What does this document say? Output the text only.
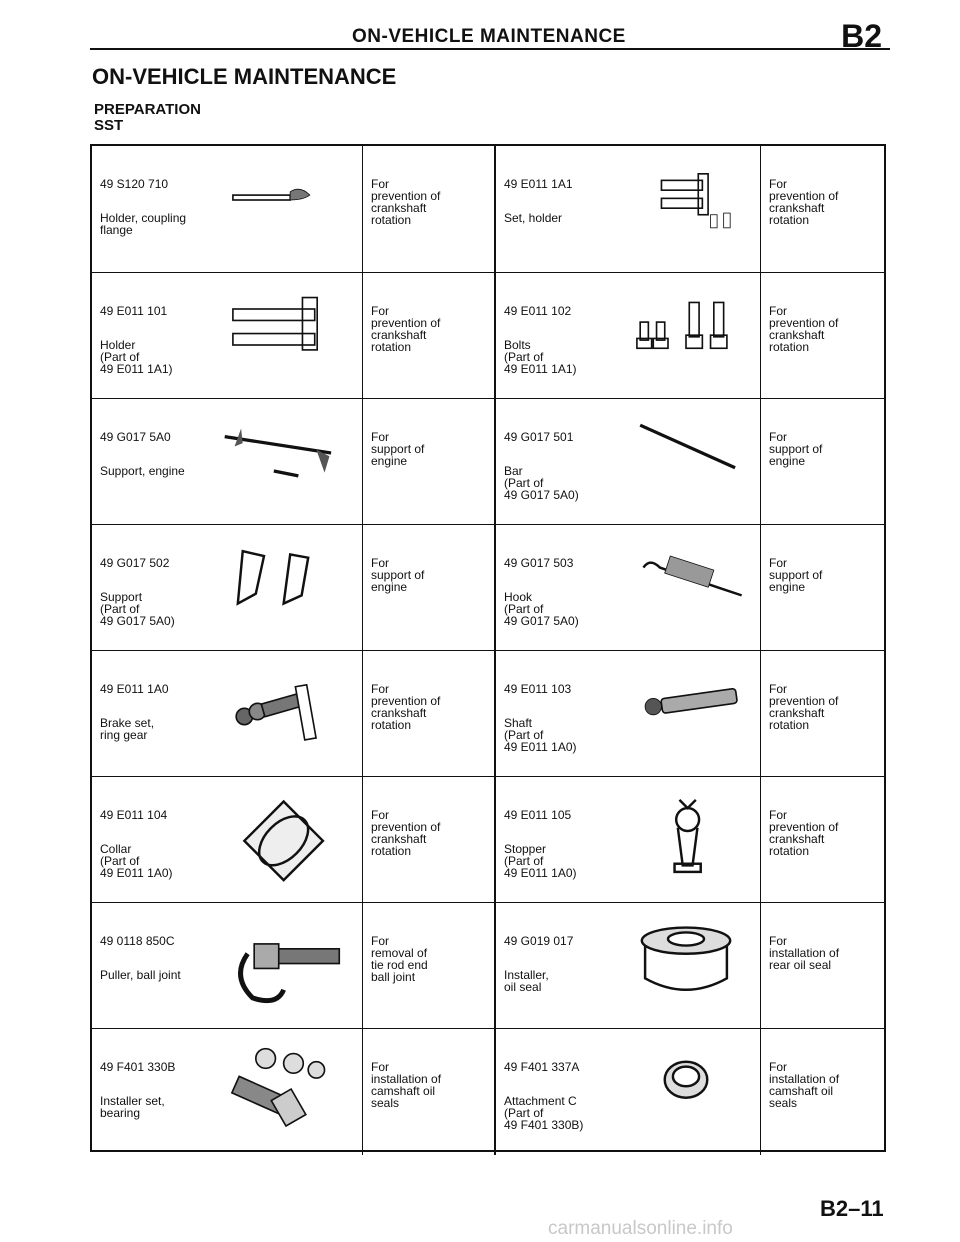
ON-VEHICLE MAINTENANCE	B2
ON-VEHICLE MAINTENANCE
PREPARATION
SST
49 S120 710
Holder, coupling
flange
For
prevention of
crankshaft
rotation
49 E011 1A1
Set, holder
For
prevention of
crankshaft
rotation
49 E011 101
Holder
(Part of
49 E011 1A1)
For
prevention of
crankshaft
rotation
49 E011 102
Bolts
(Part of
49 E011 1A1)
For
prevention of
crankshaft
rotation
49 G017 5A0
Support, engine
For
support of
engine
49 G017 501
Bar
(Part of
49 G017 5A0)
For
support of
engine
49 G017 502
Support
(Part of
49 G017 5A0)
For
support of
engine
49 G017 503
Hook
(Part of
49 G017 5A0)
For
support of
engine
49 E011 1A0
Brake set,
ring gear
For
prevention of
crankshaft
rotation
49 E011 103
Shaft
(Part of
49 E011 1A0)
For
prevention of
crankshaft
rotation
49 E011 104
Collar
(Part of
49 E011 1A0)
For
prevention of
crankshaft
rotation
49 E011 105
Stopper
(Part of
49 E011 1A0)
For
prevention of
crankshaft
rotation
49 0118 850C
Puller, ball joint
For
removal of
tie rod end
ball joint
49 G019 017
Installer,
oil seal
For
installation of
rear oil seal
49 F401 330B
Installer set,
bearing
For
installation of
camshaft oil
seals
49 F401 337A
Attachment C
(Part of
49 F401 330B)
For
installation of
camshaft oil
seals
B2–11
carmanualsonline.info
